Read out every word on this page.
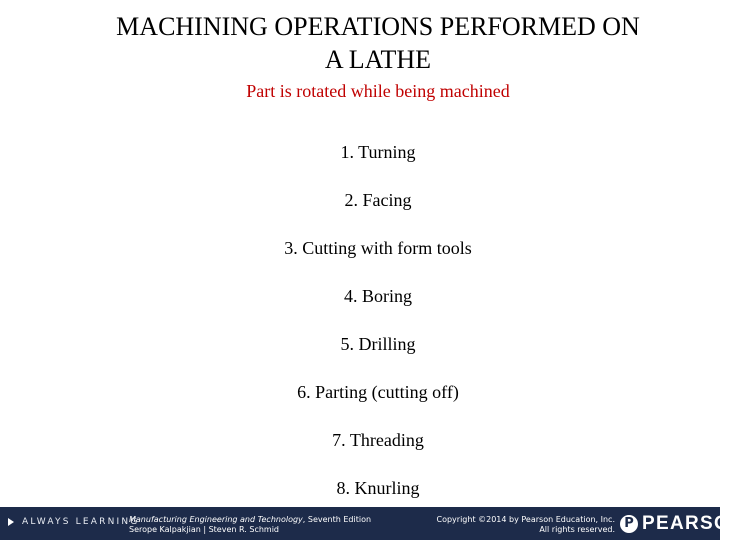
MACHINING OPERATIONS PERFORMED ON
A LATHE
Part is rotated while being machined
1. Turning
2. Facing
3. Cutting with form tools
4. Boring
5. Drilling
6. Parting (cutting off)
7. Threading
8. Knurling
ALWAYS LEARNING
Manufacturing Engineering and Technology, Seventh Edition
Serope Kalpakjian | Steven R. Schmid
Copyright ©2014 by Pearson Education, Inc.
All rights reserved. P PEARSON
